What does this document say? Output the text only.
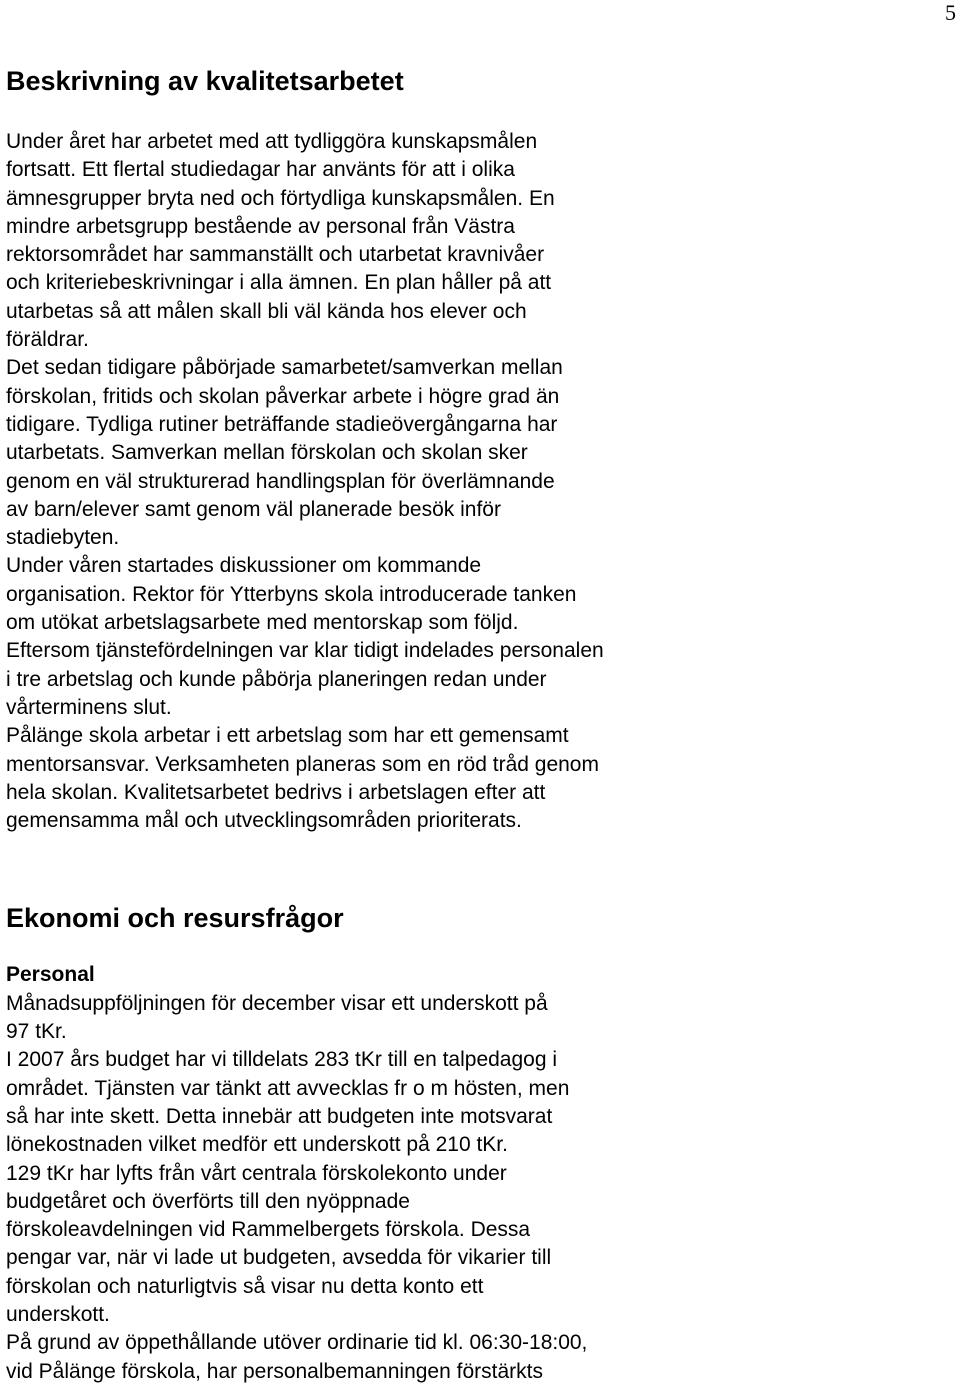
5
Beskrivning av kvalitetsarbetet
Under året har arbetet med att tydliggöra kunskapsmålen
fortsatt. Ett flertal studiedagar har använts för att i olika
ämnesgrupper bryta ned och förtydliga kunskapsmålen. En
mindre arbetsgrupp bestående av personal från Västra
rektorsområdet har sammanställt och utarbetat kravnivåer
och kriteriebeskrivningar i alla ämnen. En plan håller på att
utarbetas så att målen skall bli väl kända hos elever och
föräldrar.
Det sedan tidigare påbörjade samarbetet/samverkan mellan
förskolan, fritids och skolan påverkar arbete i högre grad än
tidigare. Tydliga rutiner beträffande stadieövergångarna har
utarbetats. Samverkan mellan förskolan och skolan sker
genom en väl strukturerad handlingsplan för överlämnande
av barn/elever samt genom väl planerade besök inför
stadiebyten.
Under våren startades diskussioner om kommande
organisation. Rektor för Ytterbyns skola introducerade tanken
om utökat arbetslagsarbete med mentorskap som följd.
Eftersom tjänstefördelningen var klar tidigt indelades personalen
i tre arbetslag och kunde påbörja planeringen redan under
vårterminens slut.
Pålänge skola arbetar i ett arbetslag som har ett gemensamt
mentorsansvar. Verksamheten planeras som en röd tråd genom
hela skolan. Kvalitetsarbetet bedrivs i arbetslagen efter att
gemensamma mål och utvecklingsområden prioriterats.
Ekonomi och resursfrågor
Personal
Månadsuppföljningen för december visar ett underskott på
97 tKr.
I 2007 års budget har vi tilldelats 283 tKr till en talpedagog i
området. Tjänsten var tänkt att avvecklas fr o m hösten, men
så har inte skett. Detta innebär att budgeten inte motsvarat
lönekostnaden vilket medför ett underskott på 210 tKr.
129 tKr har lyfts från vårt centrala förskolekonto under
budgetåret och överförts till den nyöppnade
förskoleavdelningen vid Rammelbergets förskola. Dessa
pengar var, när vi lade ut budgeten, avsedda för vikarier till
förskolan och naturligtvis så visar nu detta konto ett
underskott.
På grund av öppethållande utöver ordinarie tid kl. 06:30-18:00,
vid Pålänge förskola, har personalbemanningen förstärkts
